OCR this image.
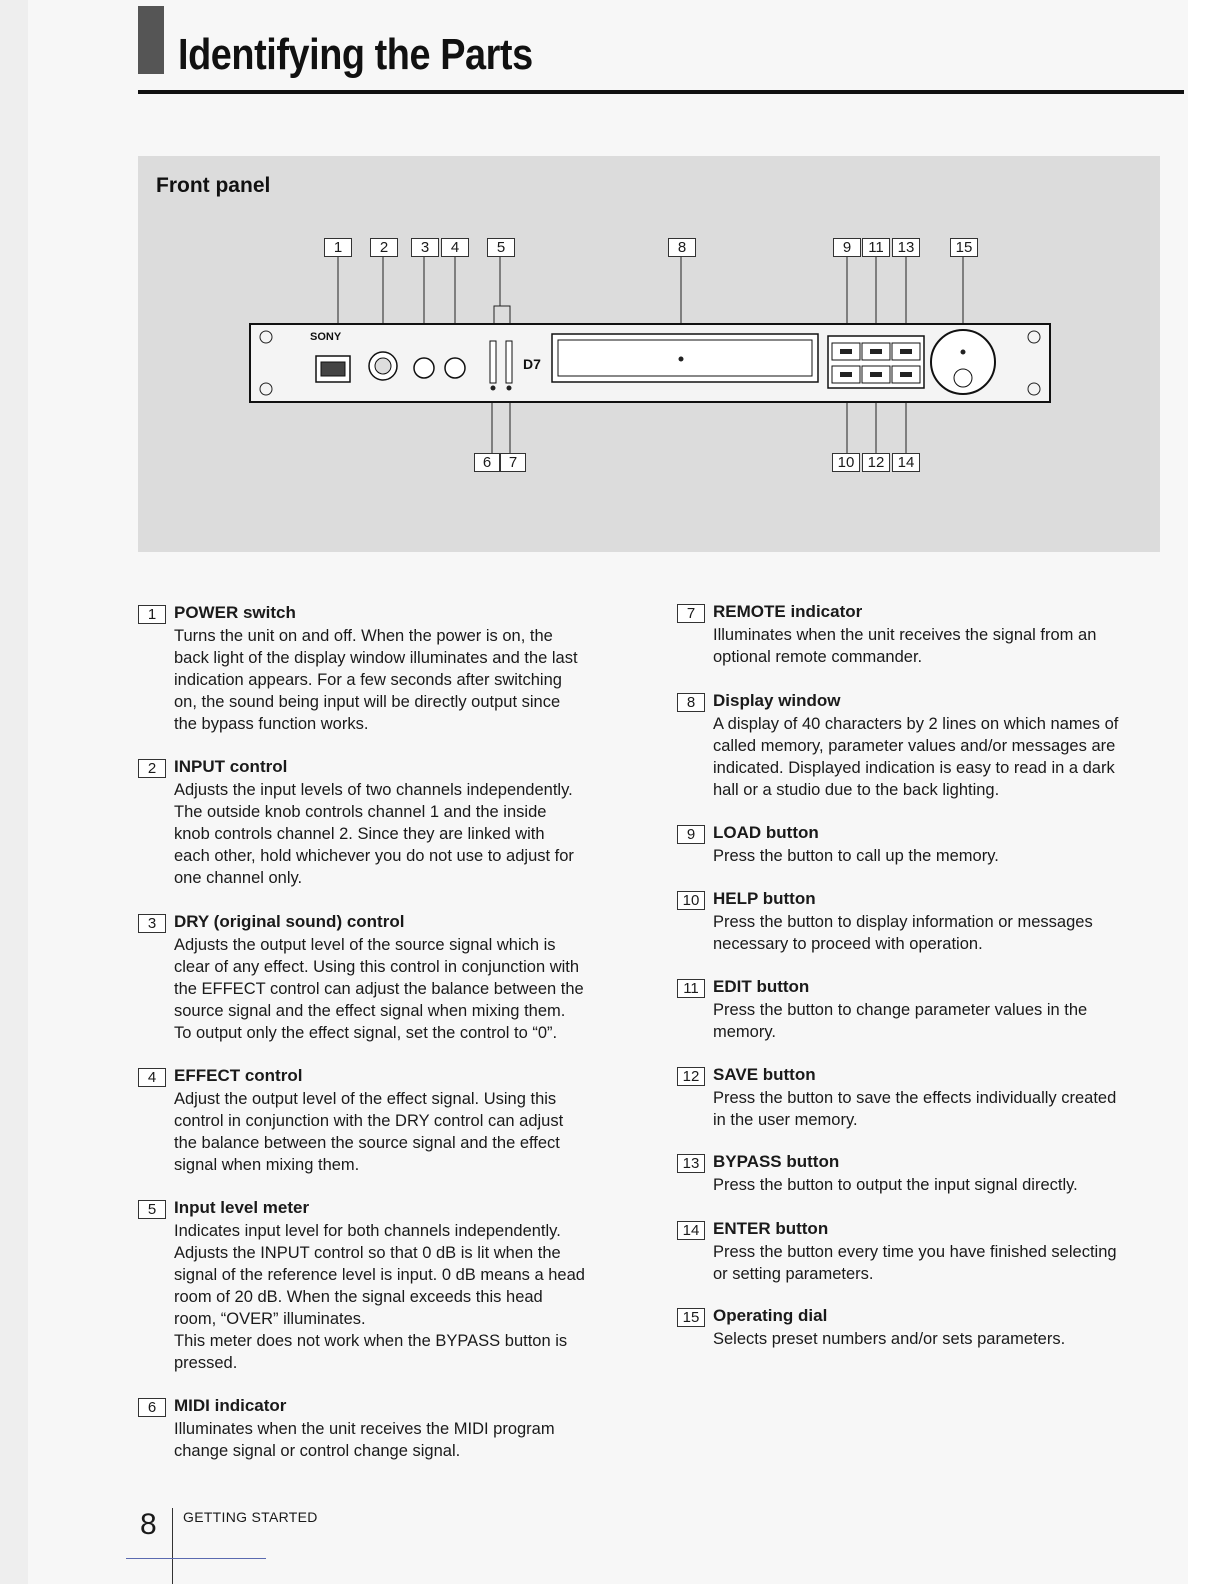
Identifying the Parts
Front panel
SONY
D7
1	2	3	4	5	8	9	11 13	15
6	7	10 12 14
1	POWER switch

Turns the unit on and off. When the power is on, the
back light of the display window illuminates and the last
indication appears. For a few seconds after switching
on, the sound being input will be directly output since
the bypass function works.

2	INPUT control

Adjusts the input levels of two channels independently.
The outside knob controls channel 1 and the inside
knob controls channel 2. Since they are linked with
each other, hold whichever you do not use to adjust for
one channel only.

3	DRY (original sound) control

Adjusts the output level of the source signal which is
clear of any effect. Using this control in conjunction with
the EFFECT control can adjust the balance between the
source signal and the effect signal when mixing them.
To output only the effect signal, set the control to “0”.

4	EFFECT control

Adjust the output level of the effect signal. Using this
control in conjunction with the DRY control can adjust
the balance between the source signal and the effect
signal when mixing them.

5	Input level meter

Indicates input level for both channels independently.
Adjusts the INPUT control so that 0 dB is lit when the
signal of the reference level is input. 0 dB means a head
room of 20 dB. When the signal exceeds this head
room, “OVER” illuminates.
This meter does not work when the BYPASS button is
pressed.

6	MIDI indicator

Illuminates when the unit receives the MIDI program
change signal or control change signal.

7	REMOTE indicator

Illuminates when the unit receives the signal from an
optional remote commander.

8	Display window

A display of 40 characters by 2 lines on which names of
called memory, parameter values and/or messages are
indicated. Displayed indication is easy to read in a dark
hall or a studio due to the back lighting.

9	LOAD button

Press the button to call up the memory.

10 HELP button

Press the button to display information or messages
necessary to proceed with operation.

11 EDIT button

Press the button to change parameter values in the
memory.

12 SAVE button

Press the button to save the effects individually created
in the user memory.

13 BYPASS button

Press the button to output the input signal directly.

14 ENTER button

Press the button every time you have finished selecting
or setting parameters.

15 Operating dial

Selects preset numbers and/or sets parameters.

8 GETTING STARTED
